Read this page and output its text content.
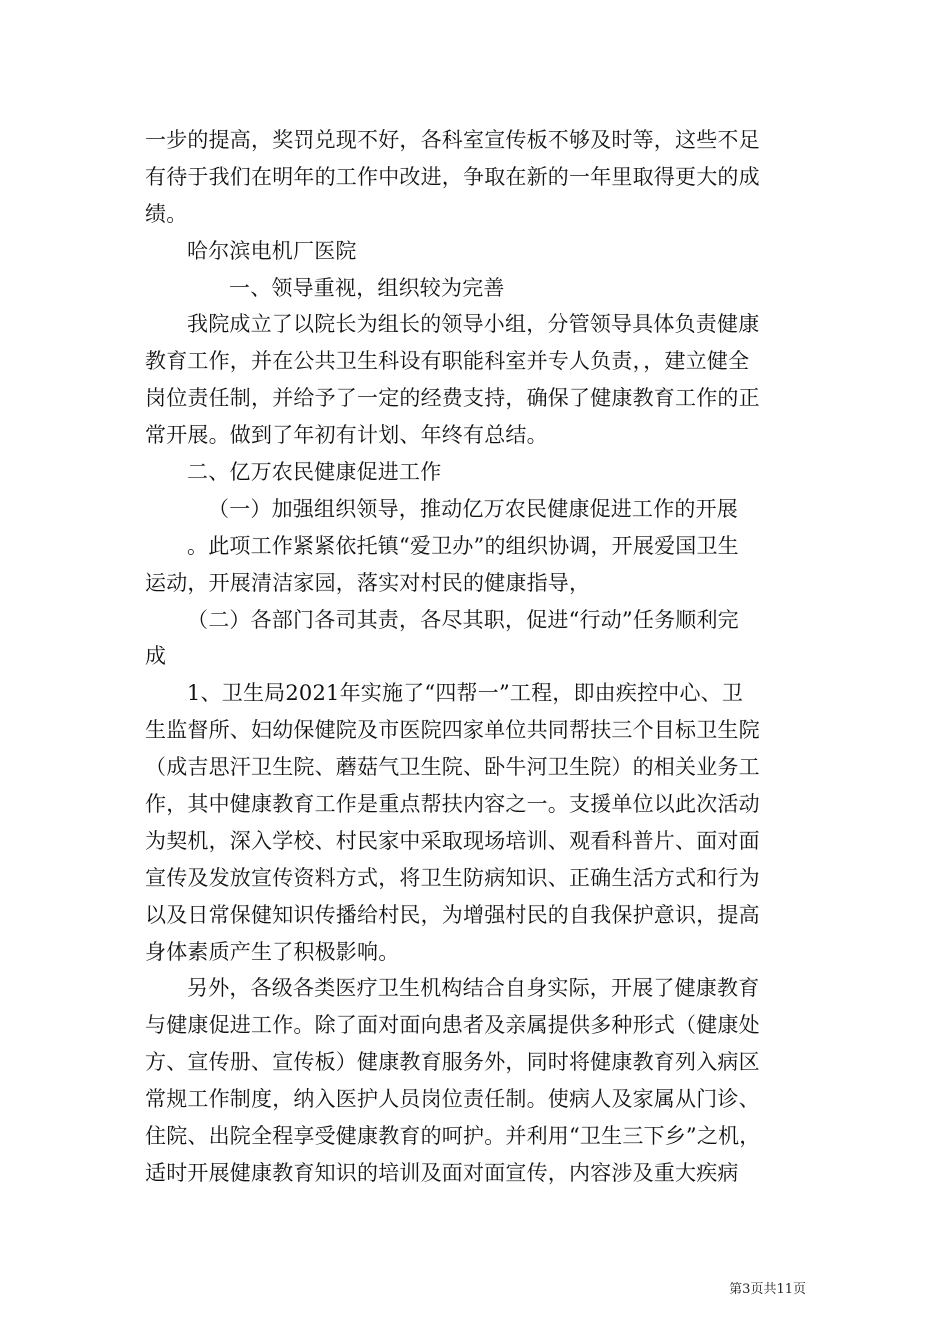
一步的提高，奖罚兑现不好，各科室宣传板不够及时等，这些不足
有待于我们在明年的工作中改进，争取在新的一年里取得更大的成
绩。
哈尔滨电机厂医院
一、领导重视，组织较为完善
我院成立了以院长为组长的领导小组，分管领导具体负责健康
教育工作，并在公共卫生科设有职能科室并专人负责，，建立健全
岗位责任制，并给予了一定的经费支持，确保了健康教育工作的正
常开展。做到了年初有计划、年终有总结。
二、亿万农民健康促进工作
（一）加强组织领导，推动亿万农民健康促进工作的开展
。此项工作紧紧依托镇“爱卫办”的组织协调，开展爱国卫生
运动，开展清洁家园，落实对村民的健康指导，
（二）各部门各司其责，各尽其职，促进“行动”任务顺利完
成
1、卫生局2021年实施了“四帮一”工程，即由疾控中心、卫
生监督所、妇幼保健院及市医院四家单位共同帮扶三个目标卫生院
（成吉思汗卫生院、蘑菇气卫生院、卧牛河卫生院）的相关业务工
作，其中健康教育工作是重点帮扶内容之一。支援单位以此次活动
为契机，深入学校、村民家中采取现场培训、观看科普片、面对面
宣传及发放宣传资料方式，将卫生防病知识、正确生活方式和行为
以及日常保健知识传播给村民，为增强村民的自我保护意识，提高
身体素质产生了积极影响。
另外，各级各类医疗卫生机构结合自身实际，开展了健康教育
与健康促进工作。除了面对面向患者及亲属提供多种形式（健康处
方、宣传册、宣传板）健康教育服务外，同时将健康教育列入病区
常规工作制度，纳入医护人员岗位责任制。使病人及家属从门诊、
住院、出院全程享受健康教育的呵护。并利用“卫生三下乡”之机，
适时开展健康教育知识的培训及面对面宣传，内容涉及重大疾病
第3页共11页
